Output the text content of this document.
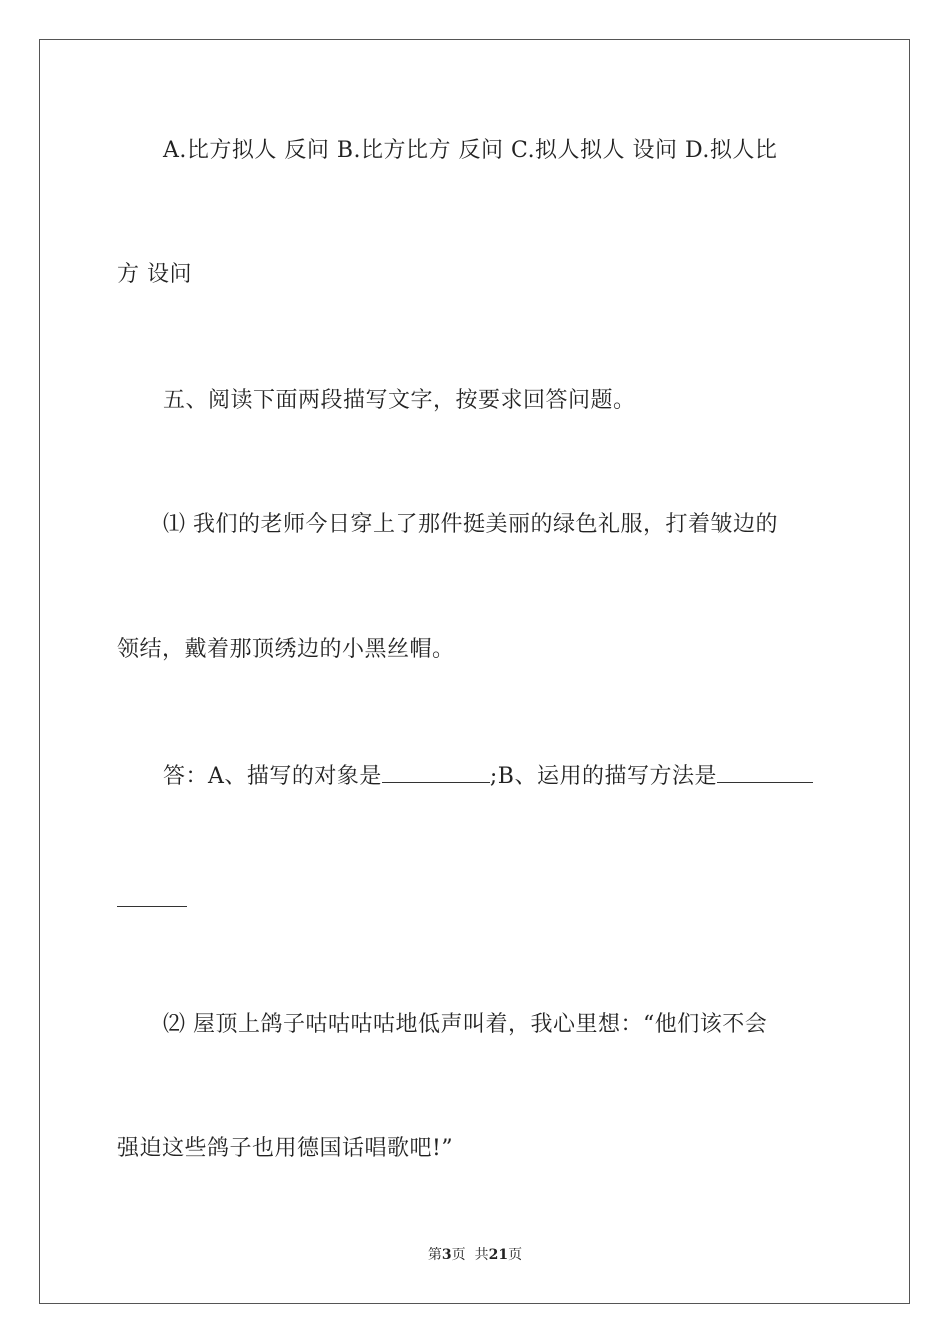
A.比方拟人 反问 B.比方比方 反问 C.拟人拟人 设问 D.拟人比
方 设问
五、阅读下面两段描写文字，按要求回答问题。
⑴ 我们的老师今日穿上了那件挺美丽的绿色礼服，打着皱边的
领结，戴着那顶绣边的小黑丝帽。
答：A、描写的对象是	;B、运用的描写方法是
⑵ 屋顶上鸽子咕咕咕咕地低声叫着，我心里想：“他们该不会
强迫这些鸽子也用德国话唱歌吧!”
第3页  共21页
